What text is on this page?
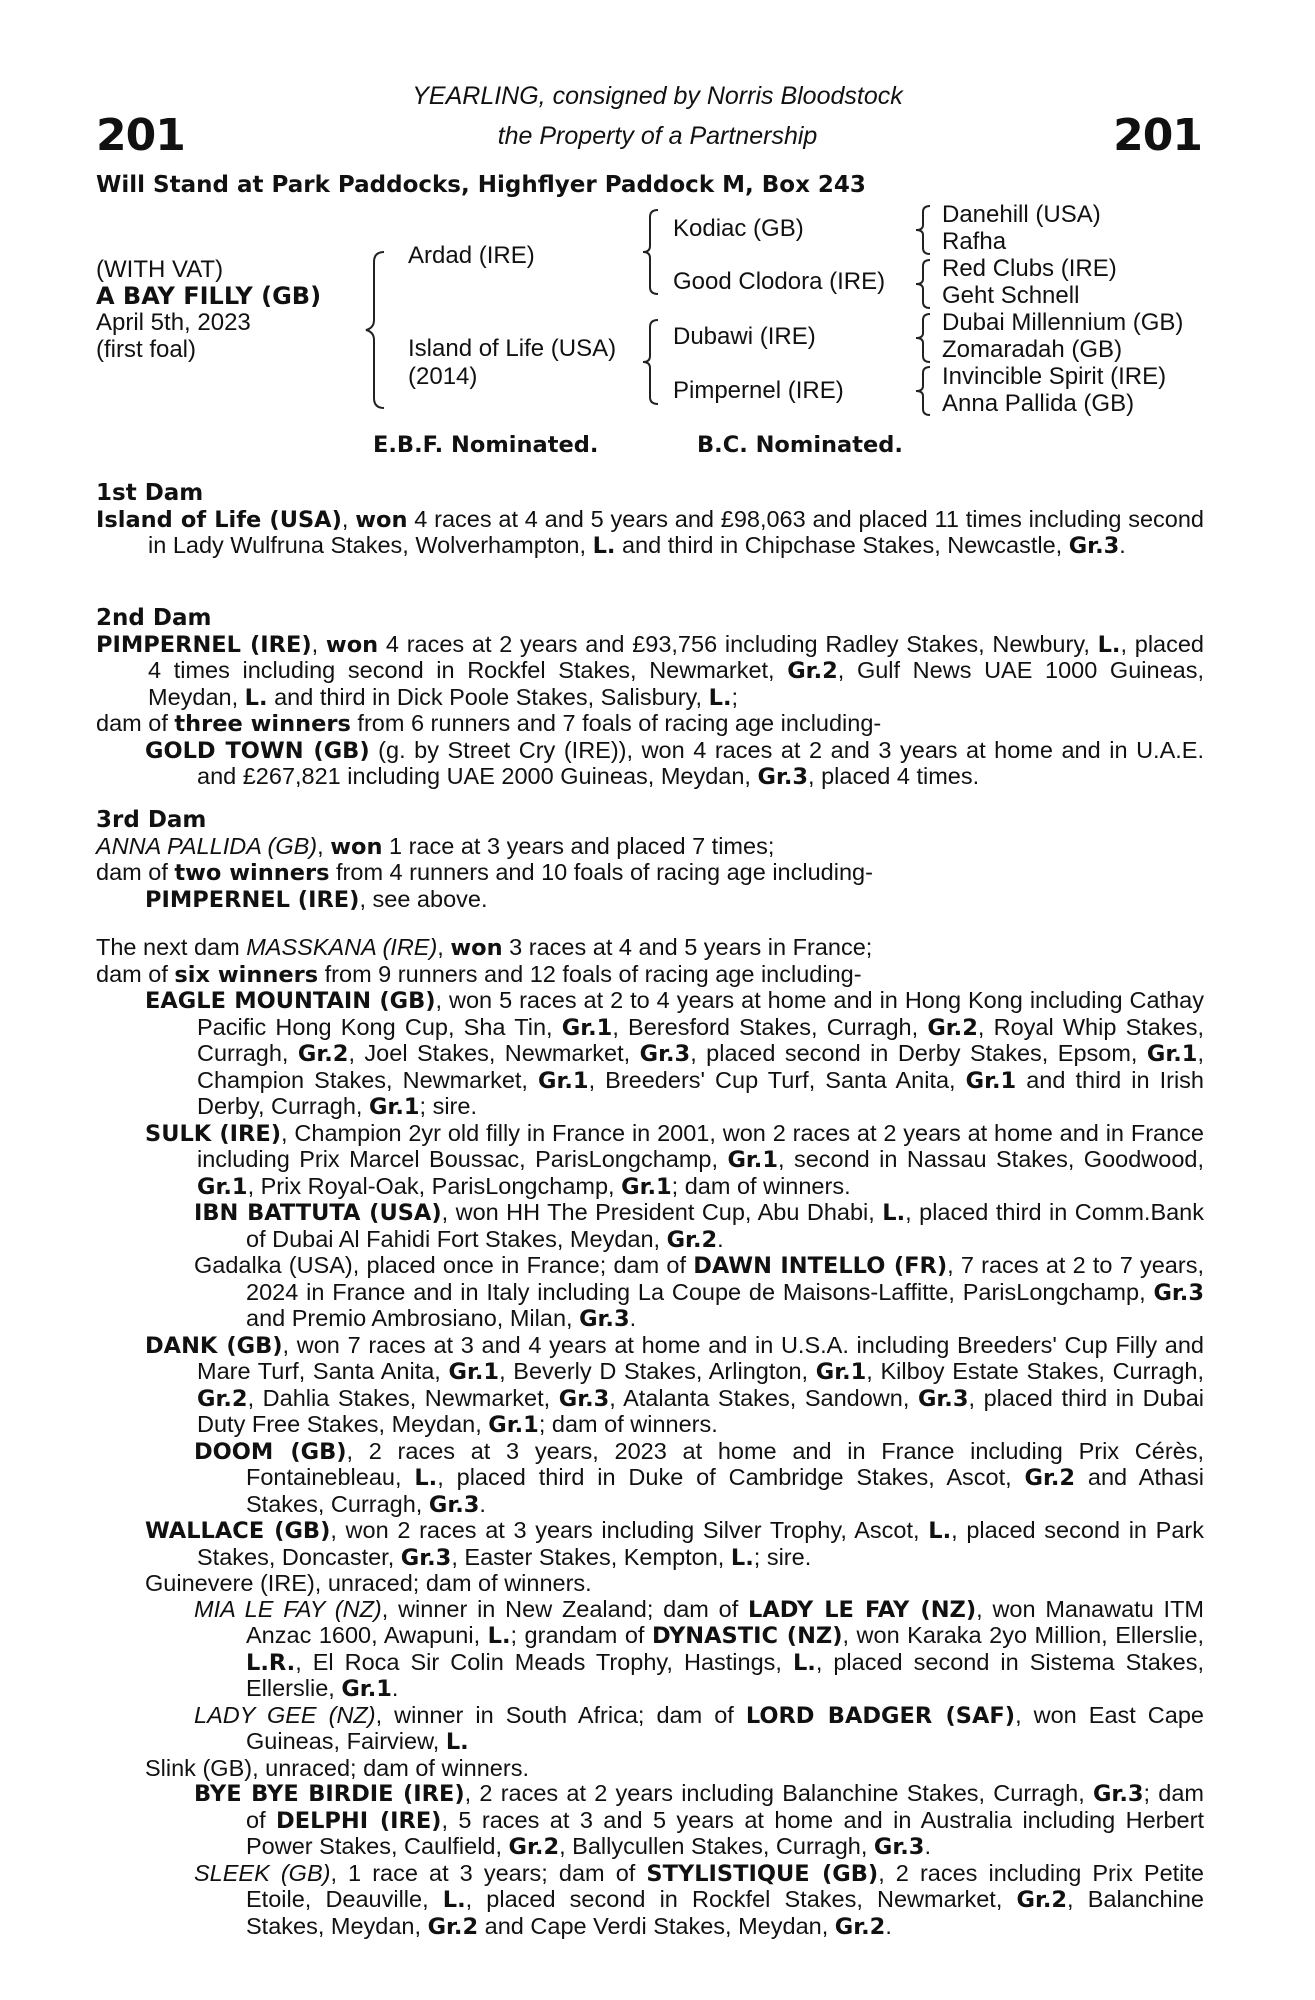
201	201
YEARLING, consigned by Norris Bloodstock
the Property of a Partnership
Will Stand at Park Paddocks, Highflyer Paddock M, Box 243
(WITH VAT)
A BAY FILLY (GB)
April 5th, 2023
(first foal)
Ardad (IRE)
Island of Life (USA)
(2014)
Kodiac (GB)
Good Clodora (IRE)
Dubawi (IRE)
Pimpernel (IRE)
Danehill (USA)
Rafha
Red Clubs (IRE)
Geht Schnell
Dubai Millennium (GB)
Zomaradah (GB)
Invincible Spirit (IRE)
Anna Pallida (GB)
E.B.F. Nominated.	B.C. Nominated.

1st Dam

Island of Life (USA), won 4 races at 4 and 5 years and £98,063 and placed 11 times including second in Lady Wulfruna Stakes, Wolverhampton, L. and third in Chipchase Stakes, Newcastle, Gr.3.

2nd Dam

PIMPERNEL (IRE), won 4 races at 2 years and £93,756 including Radley Stakes, Newbury, L., placed 4 times including second in Rockfel Stakes, Newmarket, Gr.2, Gulf News UAE 1000 Guineas, Meydan, L. and third in Dick Poole Stakes, Salisbury, L.;

dam of three winners from 6 runners and 7 foals of racing age including-

GOLD TOWN (GB) (g. by Street Cry (IRE)), won 4 races at 2 and 3 years at home and in U.A.E. and £267,821 including UAE 2000 Guineas, Meydan, Gr.3, placed 4 times.

3rd Dam

ANNA PALLIDA (GB), won 1 race at 3 years and placed 7 times;

dam of two winners from 4 runners and 10 foals of racing age including-

PIMPERNEL (IRE), see above.

The next dam MASSKANA (IRE), won 3 races at 4 and 5 years in France;

dam of six winners from 9 runners and 12 foals of racing age including-

EAGLE MOUNTAIN (GB), won 5 races at 2 to 4 years at home and in Hong Kong including Cathay Pacific Hong Kong Cup, Sha Tin, Gr.1, Beresford Stakes, Curragh, Gr.2, Royal Whip Stakes, Curragh, Gr.2, Joel Stakes, Newmarket, Gr.3, placed second in Derby Stakes, Epsom, Gr.1, Champion Stakes, Newmarket, Gr.1, Breeders' Cup Turf, Santa Anita, Gr.1 and third in Irish Derby, Curragh, Gr.1; sire.

SULK (IRE), Champion 2yr old filly in France in 2001, won 2 races at 2 years at home and in France including Prix Marcel Boussac, ParisLongchamp, Gr.1, second in Nassau Stakes, Goodwood, Gr.1, Prix Royal-Oak, ParisLongchamp, Gr.1; dam of winners.

IBN BATTUTA (USA), won HH The President Cup, Abu Dhabi, L., placed third in Comm.Bank of Dubai Al Fahidi Fort Stakes, Meydan, Gr.2.

Gadalka (USA), placed once in France; dam of DAWN INTELLO (FR), 7 races at 2 to 7 years, 2024 in France and in Italy including La Coupe de Maisons-Laffitte, ParisLongchamp, Gr.3 and Premio Ambrosiano, Milan, Gr.3.

DANK (GB), won 7 races at 3 and 4 years at home and in U.S.A. including Breeders' Cup Filly and Mare Turf, Santa Anita, Gr.1, Beverly D Stakes, Arlington, Gr.1, Kilboy Estate Stakes, Curragh, Gr.2, Dahlia Stakes, Newmarket, Gr.3, Atalanta Stakes, Sandown, Gr.3, placed third in Dubai Duty Free Stakes, Meydan, Gr.1; dam of winners.

DOOM (GB), 2 races at 3 years, 2023 at home and in France including Prix Cérès, Fontainebleau, L., placed third in Duke of Cambridge Stakes, Ascot, Gr.2 and Athasi Stakes, Curragh, Gr.3.

WALLACE (GB), won 2 races at 3 years including Silver Trophy, Ascot, L., placed second in Park Stakes, Doncaster, Gr.3, Easter Stakes, Kempton, L.; sire.

Guinevere (IRE), unraced; dam of winners.

MIA LE FAY (NZ), winner in New Zealand; dam of LADY LE FAY (NZ), won Manawatu ITM Anzac 1600, Awapuni, L.; grandam of DYNASTIC (NZ), won Karaka 2yo Million, Ellerslie, L.R., El Roca Sir Colin Meads Trophy, Hastings, L., placed second in Sistema Stakes, Ellerslie, Gr.1.

LADY GEE (NZ), winner in South Africa; dam of LORD BADGER (SAF), won East Cape Guineas, Fairview, L.

Slink (GB), unraced; dam of winners.

BYE BYE BIRDIE (IRE), 2 races at 2 years including Balanchine Stakes, Curragh, Gr.3; dam of DELPHI (IRE), 5 races at 3 and 5 years at home and in Australia including Herbert Power Stakes, Caulfield, Gr.2, Ballycullen Stakes, Curragh, Gr.3.

SLEEK (GB), 1 race at 3 years; dam of STYLISTIQUE (GB), 2 races including Prix Petite Etoile, Deauville, L., placed second in Rockfel Stakes, Newmarket, Gr.2, Balanchine Stakes, Meydan, Gr.2 and Cape Verdi Stakes, Meydan, Gr.2.
